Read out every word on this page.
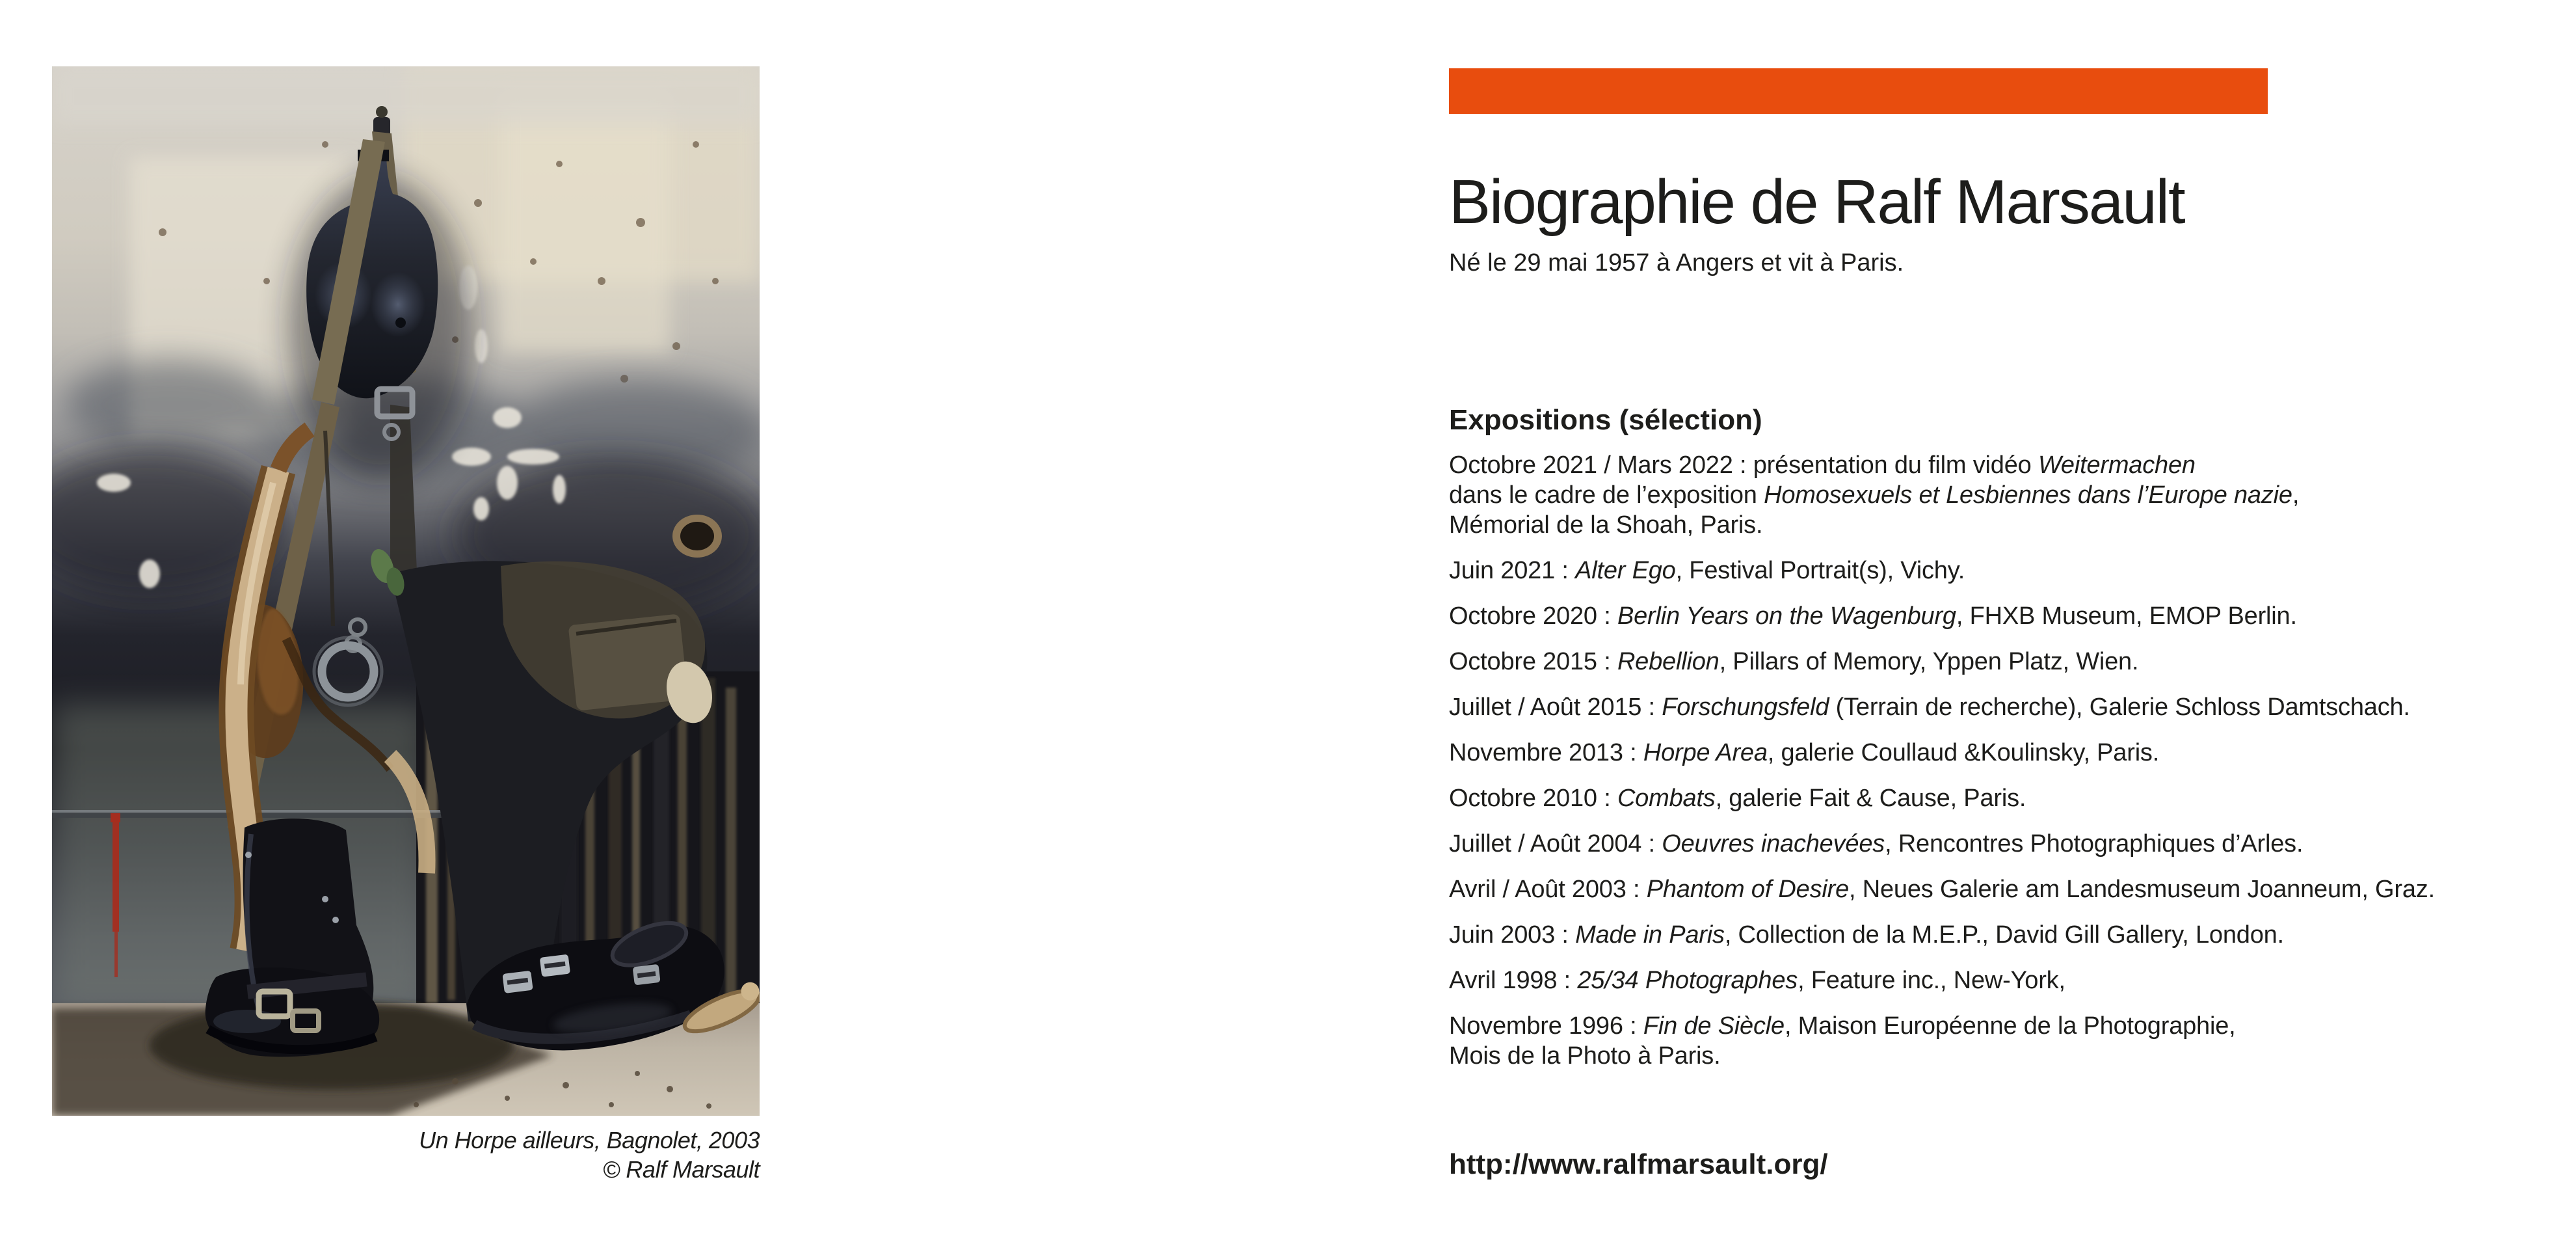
Un Horpe ailleurs, Bagnolet, 2003
© Ralf Marsault
Biographie de Ralf Marsault
Né le 29 mai 1957 à Angers et vit à Paris.
Expositions (sélection)

Octobre 2021 / Mars 2022 : présentation du film vidéo Weitermachen
dans le cadre de l’exposition Homosexuels et Lesbiennes dans l’Europe nazie,
Mémorial de la Shoah, Paris.

Juin 2021 : Alter Ego, Festival Portrait(s), Vichy.

Octobre 2020 : Berlin Years on the Wagenburg, FHXB Museum, EMOP Berlin.

Octobre 2015 : Rebellion, Pillars of Memory, Yppen Platz, Wien.

Juillet / Août 2015 : Forschungsfeld (Terrain de recherche), Galerie Schloss Damtschach.

Novembre 2013 : Horpe Area, galerie Coullaud &Koulinsky, Paris.

Octobre 2010 : Combats, galerie Fait & Cause, Paris.

Juillet / Août 2004 : Oeuvres inachevées, Rencontres Photographiques d’Arles.

Avril / Août 2003 : Phantom of Desire, Neues Galerie am Landesmuseum Joanneum, Graz.

Juin 2003 : Made in Paris, Collection de la M.E.P., David Gill Gallery, London.

Avril 1998 : 25/34 Photographes, Feature inc., New-York,

Novembre 1996 : Fin de Siècle, Maison Européenne de la Photographie,
Mois de la Photo à Paris.

http://www.ralfmarsault.org/
